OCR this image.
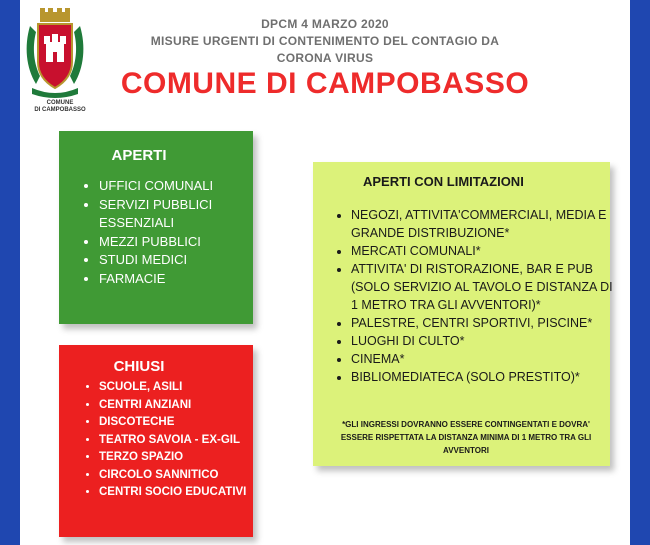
COMUNE
DI CAMPOBASSO
DPCM 4 MARZO 2020
MISURE URGENTI DI CONTENIMENTO DEL CONTAGIO DA
CORONA VIRUS
COMUNE DI CAMPOBASSO
APERTI
• UFFICI COMUNALI
• SERVIZI PUBBLICI ESSENZIALI
• MEZZI PUBBLICI
• STUDI MEDICI
• FARMACIE
CHIUSI
• SCUOLE, ASILI
• CENTRI ANZIANI
• DISCOTECHE
• TEATRO SAVOIA - EX-GIL
• TERZO SPAZIO
• CIRCOLO SANNITICO
• CENTRI SOCIO EDUCATIVI
APERTI CON LIMITAZIONI
• NEGOZI, ATTIVITA'COMMERCIALI, MEDIA E GRANDE DISTRIBUZIONE*
• MERCATI COMUNALI*
• ATTIVITA' DI RISTORAZIONE, BAR E PUB (SOLO SERVIZIO AL TAVOLO E DISTANZA DI 1 METRO TRA GLI AVVENTORI)*
• PALESTRE, CENTRI SPORTIVI, PISCINE*
• LUOGHI DI CULTO*
• CINEMA*
• BIBLIOMEDIATECA (SOLO PRESTITO)*
*GLI INGRESSI DOVRANNO ESSERE CONTINGENTATI E DOVRA' ESSERE RISPETTATA LA DISTANZA MINIMA DI 1 METRO TRA GLI AVVENTORI
